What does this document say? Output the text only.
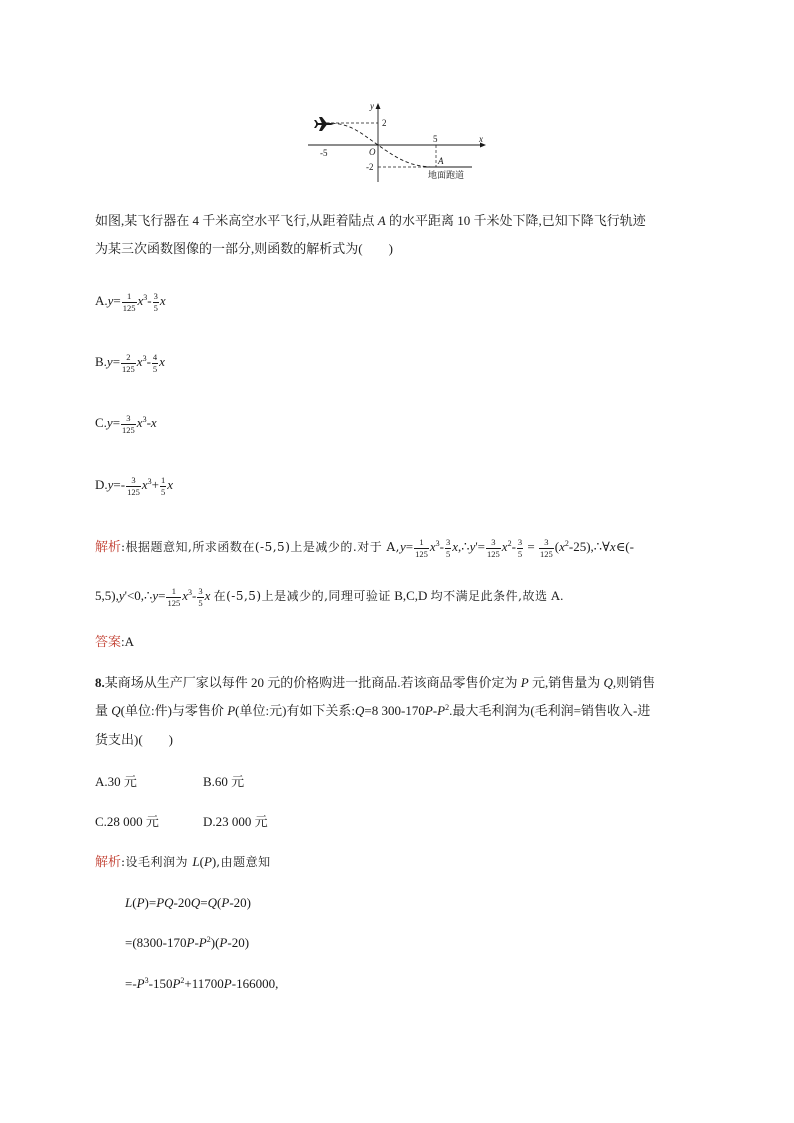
y
x
2
-5	O
5
-2
A
地面跑道
如图,某飞行器在 4 千米高空水平飞行,从距着陆点 A 的水平距离 10 千米处下降,已知下降飞行轨迹
为某三次函数图像的一部分,则函数的解析式为(　　)
$A.y= \frac{1}{125} x^3- \frac{3}{5}$ x
$B.y= \frac{2}{125} x^3- \frac{4}{5}$ x
$C.y= \frac{3}{125} x^3-x$
$D.y=- \frac{3}{125} x^3+ \frac{1}{5}$ x
解析:根据题意知,所求函数在(-5,5)上是减少的.对于 $A,y= \frac{1}{125} x^3- \frac{3}{5}$ x,∴y'= $\frac{3}{125} x^2- \frac{3}{5} = \frac{3}{125}$ $(x^2-25),\therefore\forall x\in(-$
5,5),y'<0,∴y= $\frac{1}{125} x^3- \frac{3}{5}$ x 在(-5,5)上是减少的,同理可验证 B,C,D 均不满足此条件,故选 A.
答案:A
8.某商场从生产厂家以每件 20 元的价格购进一批商品.若该商品零售价定为 P 元,销售量为 Q,则销售
量 Q(单位:件)与零售价 P(单位:元)有如下关系:Q=8 $300-170P-P^2$.最大毛利润为(毛利润=销售收入-进
货支出)(　　)
A.30 元	B.60 元
C.28 000 元	D.23 000 元
解析:设毛利润为 L(P),由题意知
L(P)=PQ-20Q=Q(P-20)
$=(8300-170P-P^2)(P-20)$
$=-P^3-150P^2+11700P-166000$,
